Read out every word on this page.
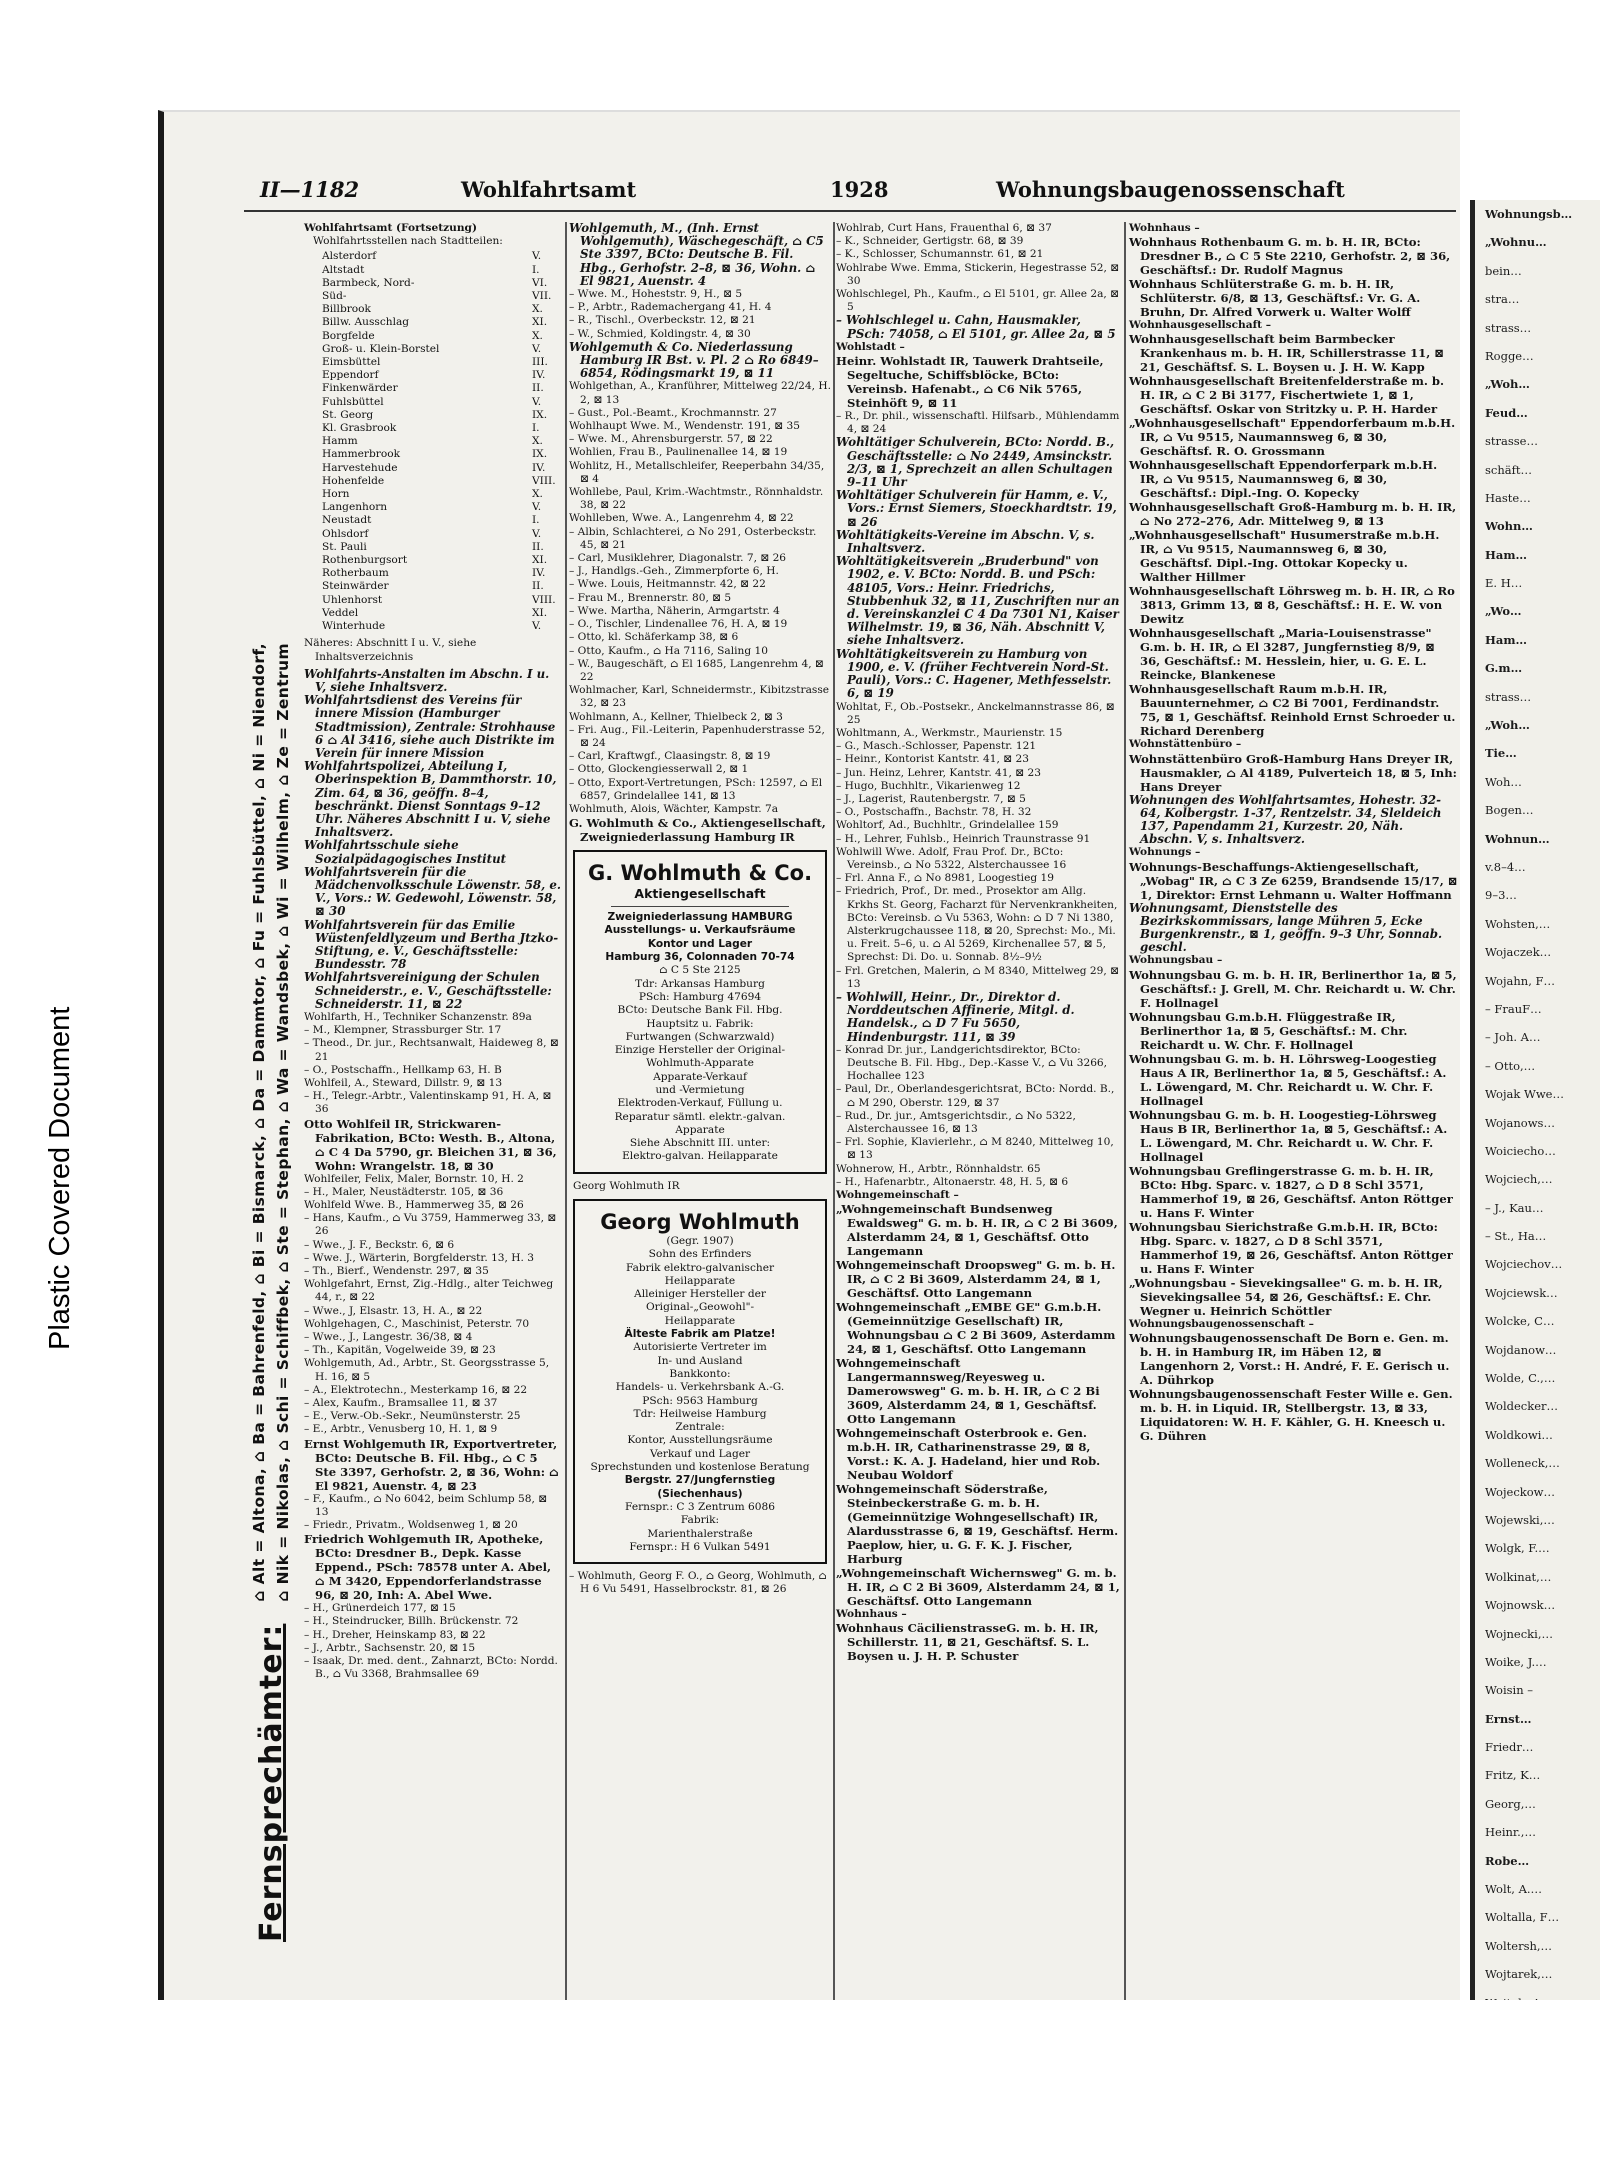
Plastic Covered Document
Wohnungsb…
„Wohnu…
bein…
stra…
strass…
Rogge…
„Woh…
Feud…
strasse…
schäft…
Haste…
Wohn…
Ham…
E. H…
„Wo…
Ham…
G.m…
strass…
„Woh…
Tie…
Woh…
Bogen…
Wohnun…
v.8–4…
9–3…
Wohsten,…
Wojaczek…
Wojahn, F…
– FrauF…
– Joh. A…
– Otto,…
Wojak Wwe…
Wojanows…
Woiciecho…
Wojciech,…
– J., Kau…
– St., Ha…
Wojciechov…
Wojciewsk…
Wolcke, C…
Wojdanow…
Wolde, C.,…
Woldecker…
Woldkowi…
Wolleneck,…
Wojeckow…
Wojewski,…
Wolgk, F.…
Wolkinat,…
Wojnowsk…
Wojnecki,…
Woike, J.…
Woisin –
Ernst…
Friedr…
Fritz, K…
Georg,…
Heinr.,…
Robe…
Wolt, A.…
Woltalla, F…
Woltersh,…
Wojtarek,…
II—1182	Wohlfahrtsamt	1928	Wohnungsbaugenossenschaft
Fernsprechämter:
⌂ Alt = Altona, ⌂ Ba = Bahrenfeld, ⌂ Bi = Bismarck, ⌂ Da = Dammtor, ⌂ Fu = Fuhlsbüttel, ⌂ Ni = Niendorf, ⌂ Nik = Nikolas, ⌂ Schi = Schiffbek, ⌂ Ste = Stephan, ⌂ Wa = Wandsbek, ⌂ Wi = Wilhelm, ⌂ Ze = Zentrum
Wohlfahrtsamt (Fortsetzung)
Wohlfahrtsstellen nach Stadtteilen:
Alsterdorf	V.
Altstadt	I.
Barmbeck, Nord-	VI.
Süd-	VII.
Billbrook	X.
Billw. Ausschlag	XI.
Borgfelde	X.
Groß- u. Klein-Borstel	V.
Eimsbüttel	III.
Eppendorf	IV.
Finkenwärder	II.
Fuhlsbüttel	V.
St. Georg	IX.
Kl. Grasbrook	I.
Hamm	X.
Hammerbrook	IX.
Harvestehude	IV.
Hohenfelde	VIII.
Horn	X.
Langenhorn	V.
Neustadt	I.
Ohlsdorf	V.
St. Pauli	II.
Rothenburgsort	XI.
Rotherbaum	IV.
Steinwärder	II.
Uhlenhorst	VIII.
Veddel	XI.
Winterhude	V.
Näheres: Abschnitt I u. V., siehe Inhaltsverzeichnis
Wohlfahrts-Anstalten im Abschn. I u. V, siehe Inhaltsverz.
Wohlfahrtsdienst des Vereins für innere Mission (Hamburger Stadtmission), Zentrale: Strohhause 6 ⌂ Al 3416, siehe auch Distrikte im Verein für innere Mission
Wohlfahrtspolizei, Abteilung I, Oberinspektion B, Dammthorstr. 10, Zim. 64, ⊠ 36, geöffn. 8–4, beschränkt. Dienst Sonntags 9–12 Uhr. Näheres Abschnitt I u. V, siehe Inhaltsverz.
Wohlfahrtsschule siehe Sozialpädagogisches Institut
Wohlfahrtsverein für die Mädchenvolksschule Löwenstr. 58, e. V., Vors.: W. Gedewohl, Löwenstr. 58, ⊠ 30
Wohlfahrtsverein für das Emilie Wüstenfeldlyzeum und Bertha Jtzko-Stiftung, e. V., Geschäftsstelle: Bundesstr. 78
Wohlfahrtsvereinigung der Schulen Schneiderstr., e. V., Geschäftsstelle: Schneiderstr. 11, ⊠ 22
Wohlfarth, H., Techniker Schanzenstr. 89a
– M., Klempner, Strassburger Str. 17
– Theod., Dr. jur., Rechtsanwalt, Haideweg 8, ⊠ 21
– O., Postschaffn., Hellkamp 63, H. B
Wohlfeil, A., Steward, Dillstr. 9, ⊠ 13
– H., Telegr.-Arbtr., Valentinskamp 91, H. A, ⊠ 36
Otto Wohlfeil IR, Strickwaren-Fabrikation, BCto: Westh. B., Altona, ⌂ C 4 Da 5790, gr. Bleichen 31, ⊠ 36, Wohn: Wrangelstr. 18, ⊠ 30
Wohlfeiler, Felix, Maler, Bornstr. 10, H. 2
– H., Maler, Neustädterstr. 105, ⊠ 36
Wohlfeld Wwe. B., Hammerweg 35, ⊠ 26
– Hans, Kaufm., ⌂ Vu 3759, Hammerweg 33, ⊠ 26
– Wwe., J. F., Beckstr. 6, ⊠ 6
– Wwe. J., Wärterin, Borgfelderstr. 13, H. 3
– Th., Bierf., Wendenstr. 297, ⊠ 35
Wohlgefahrt, Ernst, Zig.-Hdlg., alter Teichweg 44, r., ⊠ 22
– Wwe., J, Elsastr. 13, H. A., ⊠ 22
Wohlgehagen, C., Maschinist, Peterstr. 70
– Wwe., J., Langestr. 36/38, ⊠ 4
– Th., Kapitän, Vogelweide 39, ⊠ 23
Wohlgemuth, Ad., Arbtr., St. Georgsstrasse 5, H. 16, ⊠ 5
– A., Elektrotechn., Mesterkamp 16, ⊠ 22
– Alex, Kaufm., Bramsallee 11, ⊠ 37
– E., Verw.-Ob.-Sekr., Neumünsterstr. 25
– E., Arbtr., Venusberg 10, H. 1, ⊠ 9
Ernst Wohlgemuth IR, Exportvertreter, BCto: Deutsche B. Fil. Hbg., ⌂ C 5 Ste 3397, Gerhofstr. 2, ⊠ 36, Wohn: ⌂ El 9821, Auenstr. 4, ⊠ 23
– F., Kaufm., ⌂ No 6042, beim Schlump 58, ⊠ 13
– Friedr., Privatm., Woldsenweg 1, ⊠ 20
Friedrich Wohlgemuth IR, Apotheke, BCto: Dresdner B., Depk. Kasse Eppend., PSch: 78578 unter A. Abel, ⌂ M 3420, Eppendorferlandstrasse 96, ⊠ 20, Inh: A. Abel Wwe.
– H., Grünerdeich 177, ⊠ 15
– H., Steindrucker, Billh. Brückenstr. 72
– H., Dreher, Heinskamp 83, ⊠ 22
– J., Arbtr., Sachsenstr. 20, ⊠ 15
– Isaak, Dr. med. dent., Zahnarzt, BCto: Nordd. B., ⌂ Vu 3368, Brahmsallee 69
Wohlgemuth, M., (Inh. Ernst Wohlgemuth), Wäschegeschäft, ⌂ C5 Ste 3397, BCto: Deutsche B. Fil. Hbg., Gerhofstr. 2–8, ⊠ 36, Wohn. ⌂ El 9821, Auenstr. 4
– Wwe. M., Hoheststr. 9, H., ⊠ 5
– P., Arbtr., Rademachergang 41, H. 4
– R., Tischl., Overbeckstr. 12, ⊠ 21
– W., Schmied, Koldingstr. 4, ⊠ 30
Wohlgemuth & Co. Niederlassung Hamburg IR Bst. v. Pl. 2 ⌂ Ro 6849–6854, Rödingsmarkt 19, ⊠ 11
Wohlgethan, A., Kranführer, Mittelweg 22/24, H. 2, ⊠ 13
– Gust., Pol.-Beamt., Krochmannstr. 27
Wohlhaupt Wwe. M., Wendenstr. 191, ⊠ 35
– Wwe. M., Ahrensburgerstr. 57, ⊠ 22
Wohlien, Frau B., Paulinenallee 14, ⊠ 19
Wohlitz, H., Metallschleifer, Reeperbahn 34/35, ⊠ 4
Wohllebe, Paul, Krim.-Wachtmstr., Rönnhaldstr. 38, ⊠ 22
Wohlleben, Wwe. A., Langenrehm 4, ⊠ 22
– Albin, Schlachterei, ⌂ No 291, Osterbeckstr. 45, ⊠ 21
– Carl, Musiklehrer, Diagonalstr. 7, ⊠ 26
– J., Handlgs.-Geh., Zimmerpforte 6, H.
– Wwe. Louis, Heitmannstr. 42, ⊠ 22
– Frau M., Brennerstr. 80, ⊠ 5
– Wwe. Martha, Näherin, Armgartstr. 4
– O., Tischler, Lindenallee 76, H. A, ⊠ 19
– Otto, kl. Schäferkamp 38, ⊠ 6
– Otto, Kaufm., ⌂ Ha 7116, Saling 10
– W., Baugeschäft, ⌂ El 1685, Langenrehm 4, ⊠ 22
Wohlmacher, Karl, Schneidermstr., Kibitzstrasse 32, ⊠ 23
Wohlmann, A., Kellner, Thielbeck 2, ⊠ 3
– Fri. Aug., Fil.-Leiterin, Papenhuderstrasse 52, ⊠ 24
– Carl, Kraftwgf., Claasingstr. 8, ⊠ 19
– Otto, Glockengiesserwall 2, ⊠ 1
– Otto, Export-Vertretungen, PSch: 12597, ⌂ El 6857, Grindelallee 141, ⊠ 13
Wohlmuth, Alois, Wächter, Kampstr. 7a
G. Wohlmuth & Co., Aktiengesellschaft, Zweigniederlassung Hamburg IR
G. Wohlmuth & Co.
Aktiengesellschaft
Zweigniederlassung HAMBURG
Ausstellungs- u. Verkaufsräume
Kontor und Lager
Hamburg 36, Colonnaden 70-74
⌂ C 5 Ste 2125
Tdr: Arkansas Hamburg
PSch: Hamburg 47694
BCto: Deutsche Bank Fil. Hbg.
Hauptsitz u. Fabrik:
Furtwangen (Schwarzwald)
Einzige Hersteller der Original-
Wohlmuth-Apparate
Apparate-Verkauf
und -Vermietung
Elektroden-Verkauf, Füllung u.
Reparatur sämtl. elektr.-galvan.
Apparate
Siehe Abschnitt III. unter:
Elektro-galvan. Heilapparate
Georg Wohlmuth IR
Georg Wohlmuth
(Gegr. 1907)
Sohn des Erfinders
Fabrik elektro-galvanischer
Heilapparate
Alleiniger Hersteller der
Original-„Geowohl"-
Heilapparate
Älteste Fabrik am Platze!
Autorisierte Vertreter im
In- und Ausland
Bankkonto:
Handels- u. Verkehrsbank A.-G.
PSch: 9563 Hamburg
Tdr: Heilweise Hamburg
Zentrale:
Kontor, Ausstellungsräume
Verkauf und Lager
Sprechstunden und kostenlose Beratung
Bergstr. 27/Jungfernstieg
(Siechenhaus)
Fernspr.: C 3 Zentrum 6086
Fabrik:
Marienthalerstraße
Fernspr.: H 6 Vulkan 5491
– Wohlmuth, Georg F. O., ⌂ Georg, Wohlmuth, ⌂ H 6 Vu 5491, Hasselbrockstr. 81, ⊠ 26
Wohlrab, Curt Hans, Frauenthal 6, ⊠ 37
– K., Schneider, Gertigstr. 68, ⊠ 39
– K., Schlosser, Schumannstr. 61, ⊠ 21
Wohlrabe Wwe. Emma, Stickerin, Hegestrasse 52, ⊠ 30
Wohlschlegel, Ph., Kaufm., ⌂ El 5101, gr. Allee 2a, ⊠ 5
– Wohlschlegel u. Cahn, Hausmakler, PSch: 74058, ⌂ El 5101, gr. Allee 2a, ⊠ 5
Wohlstadt –
Heinr. Wohlstadt IR, Tauwerk Drahtseile, Segeltuche, Schiffsblöcke, BCto: Vereinsb. Hafenabt., ⌂ C6 Nik 5765, Steinhöft 9, ⊠ 11
– R., Dr. phil., wissenschaftl. Hilfsarb., Mühlendamm 4, ⊠ 24
Wohltätiger Schulverein, BCto: Nordd. B., Geschäftsstelle: ⌂ No 2449, Amsinckstr. 2/3, ⊠ 1, Sprechzeit an allen Schultagen 9–11 Uhr
Wohltätiger Schulverein für Hamm, e. V., Vors.: Ernst Siemers, Stoeckhardtstr. 19, ⊠ 26
Wohltätigkeits-Vereine im Abschn. V, s. Inhaltsverz.
Wohltätigkeitsverein „Bruderbund" von 1902, e. V. BCto: Nordd. B. und PSch: 48105, Vors.: Heinr. Friedrichs, Stubbenhuk 32, ⊠ 11, Zuschriften nur an d. Vereinskanzlei C 4 Da 7301 N1, Kaiser Wilhelmstr. 19, ⊠ 36, Näh. Abschnitt V, siehe Inhaltsverz.
Wohltätigkeitsverein zu Hamburg von 1900, e. V. (früher Fechtverein Nord-St. Pauli), Vors.: C. Hagener, Methfesselstr. 6, ⊠ 19
Wohltat, F., Ob.-Postsekr., Anckelmannstrasse 86, ⊠ 25
Wohltmann, A., Werkmstr., Maurienstr. 15
– G., Masch.-Schlosser, Papenstr. 121
– Heinr., Kontorist Kantstr. 41, ⊠ 23
– Jun. Heinz, Lehrer, Kantstr. 41, ⊠ 23
– Hugo, Buchhltr., Vikarienweg 12
– J., Lagerist, Rautenbergstr. 7, ⊠ 5
– O., Postschaffn., Bachstr. 78, H. 32
Wohltorf, Ad., Buchhltr., Grindelallee 159
– H., Lehrer, Fuhlsb., Heinrich Traunstrasse 91
Wohlwill Wwe. Adolf, Frau Prof. Dr., BCto: Vereinsb., ⌂ No 5322, Alsterchaussee 16
– Frl. Anna F., ⌂ No 8981, Loogestieg 19
– Friedrich, Prof., Dr. med., Prosektor am Allg. Krkhs St. Georg, Facharzt für Nervenkrankheiten, BCto: Vereinsb. ⌂ Vu 5363, Wohn: ⌂ D 7 Ni 1380, Alsterkrugchaussee 118, ⊠ 20, Sprechst: Mo., Mi. u. Freit. 5–6, u. ⌂ Al 5269, Kirchenallee 57, ⊠ 5, Sprechst: Di. Do. u. Sonnab. 8½–9½
– Frl. Gretchen, Malerin, ⌂ M 8340, Mittelweg 29, ⊠ 13
– Wohlwill, Heinr., Dr., Direktor d. Norddeutschen Affinerie, Mitgl. d. Handelsk., ⌂ D 7 Fu 5650, Hindenburgstr. 111, ⊠ 39
– Konrad Dr. jur., Landgerichtsdirektor, BCto: Deutsche B. Fil. Hbg., Dep.-Kasse V., ⌂ Vu 3266, Hochallee 123
– Paul, Dr., Oberlandesgerichtsrat, BCto: Nordd. B., ⌂ M 290, Oberstr. 129, ⊠ 37
– Rud., Dr. jur., Amtsgerichtsdir., ⌂ No 5322, Alsterchaussee 16, ⊠ 13
– Frl. Sophie, Klavierlehr., ⌂ M 8240, Mittelweg 10, ⊠ 13
Wohnerow, H., Arbtr., Rönnhaldstr. 65
– H., Hafenarbtr., Altonaerstr. 48, H. 5, ⊠ 6
Wohngemeinschaft –
„Wohngemeinschaft Bundsenweg Ewaldsweg" G. m. b. H. IR, ⌂ C 2 Bi 3609, Alsterdamm 24, ⊠ 1, Geschäftsf. Otto Langemann
Wohngemeinschaft Droopsweg" G. m. b. H. IR, ⌂ C 2 Bi 3609, Alsterdamm 24, ⊠ 1, Geschäftsf. Otto Langemann
Wohngemeinschaft „EMBE GE" G.m.b.H. (Gemeinnützige Gesellschaft) IR, Wohnungsbau ⌂ C 2 Bi 3609, Asterdamm 24, ⊠ 1, Geschäftsf. Otto Langemann
Wohngemeinschaft Langermannsweg/Reyesweg u. Damerowsweg" G. m. b. H. IR, ⌂ C 2 Bi 3609, Alsterdamm 24, ⊠ 1, Geschäftsf. Otto Langemann
Wohngemeinschaft Osterbrook e. Gen. m.b.H. IR, Catharinenstrasse 29, ⊠ 8, Vorst.: K. A. J. Hadeland, hier und Rob. Neubau Woldorf
Wohngemeinschaft Söderstraße, Steinbeckerstraße G. m. b. H. (Gemeinnützige Wohngesellschaft) IR, Alardusstrasse 6, ⊠ 19, Geschäftsf. Herm. Paeplow, hier, u. G. F. K. J. Fischer, Harburg
„Wohngemeinschaft Wichernsweg" G. m. b. H. IR, ⌂ C 2 Bi 3609, Alsterdamm 24, ⊠ 1, Geschäftsf. Otto Langemann
Wohnhaus –
Wohnhaus CäcilienstrasseG. m. b. H. IR, Schillerstr. 11, ⊠ 21, Geschäftsf. S. L. Boysen u. J. H. P. Schuster
Wohnhaus –
Wohnhaus Rothenbaum G. m. b. H. IR, BCto: Dresdner B., ⌂ C 5 Ste 2210, Gerhofstr. 2, ⊠ 36, Geschäftsf.: Dr. Rudolf Magnus
Wohnhaus Schlüterstraße G. m. b. H. IR, Schlüterstr. 6/8, ⊠ 13, Geschäftsf.: Vr. G. A. Bruhn, Dr. Alfred Vorwerk u. Walter Wolff
Wohnhausgesellschaft –
Wohnhausgesellschaft beim Barmbecker Krankenhaus m. b. H. IR, Schillerstrasse 11, ⊠ 21, Geschäftsf. S. L. Boysen u. J. H. W. Kapp
Wohnhausgesellschaft Breitenfelderstraße m. b. H. IR, ⌂ C 2 Bi 3177, Fischertwiete 1, ⊠ 1, Geschäftsf. Oskar von Stritzky u. P. H. Harder
„Wohnhausgesellschaft" Eppendorferbaum m.b.H. IR, ⌂ Vu 9515, Naumannsweg 6, ⊠ 30, Geschäftsf. R. O. Grossmann
Wohnhausgesellschaft Eppendorferpark m.b.H. IR, ⌂ Vu 9515, Naumannsweg 6, ⊠ 30, Geschäftsf.: Dipl.-Ing. O. Kopecky
Wohnhausgesellschaft Groß-Hamburg m. b. H. IR, ⌂ No 272–276, Adr. Mittelweg 9, ⊠ 13
„Wohnhausgesellschaft" Husumerstraße m.b.H. IR, ⌂ Vu 9515, Naumannsweg 6, ⊠ 30, Geschäftsf. Dipl.-Ing. Ottokar Kopecky u. Walther Hillmer
Wohnhausgesellschaft Löhrsweg m. b. H. IR, ⌂ Ro 3813, Grimm 13, ⊠ 8, Geschäftsf.: H. E. W. von Dewitz
Wohnhausgesellschaft „Maria-Louisenstrasse" G.m. b. H. IR, ⌂ El 3287, Jungfernstieg 8/9, ⊠ 36, Geschäftsf.: M. Hesslein, hier, u. G. E. L. Reincke, Blankenese
Wohnhausgesellschaft Raum m.b.H. IR, Bauunternehmer, ⌂ C2 Bi 7001, Ferdinandstr. 75, ⊠ 1, Geschäftsf. Reinhold Ernst Schroeder u. Richard Derenberg
Wohnstättenbüro –
Wohnstättenbüro Groß-Hamburg Hans Dreyer IR, Hausmakler, ⌂ Al 4189, Pulverteich 18, ⊠ 5, Inh: Hans Dreyer
Wohnungen des Wohlfahrtsamtes, Hohestr. 32-64, Kolbergstr. 1-37, Rentzelstr. 34, Sleldeich 137, Papendamm 21, Kurzestr. 20, Näh. Abschn. V, s. Inhaltsverz.
Wohnungs –
Wohnungs-Beschaffungs-Aktiengesellschaft, „Wobag" IR, ⌂ C 3 Ze 6259, Brandsende 15/17, ⊠ 1, Direktor: Ernst Lehmann u. Walter Hoffmann
Wohnungsamt, Dienststelle des Bezirkskommissars, lange Mühren 5, Ecke Burgenkrenstr., ⊠ 1, geöffn. 9–3 Uhr, Sonnab. geschl.
Wohnungsbau –
Wohnungsbau G. m. b. H. IR, Berlinerthor 1a, ⊠ 5, Geschäftsf.: J. Grell, M. Chr. Reichardt u. W. Chr. F. Hollnagel
Wohnungsbau G.m.b.H. Flüggestraße IR, Berlinerthor 1a, ⊠ 5, Geschäftsf.: M. Chr. Reichardt u. W. Chr. F. Hollnagel
Wohnungsbau G. m. b. H. Löhrsweg-Loogestieg Haus A IR, Berlinerthor 1a, ⊠ 5, Geschäftsf.: A. L. Löwengard, M. Chr. Reichardt u. W. Chr. F. Hollnagel
Wohnungsbau G. m. b. H. Loogestieg-Löhrsweg Haus B IR, Berlinerthor 1a, ⊠ 5, Geschäftsf.: A. L. Löwengard, M. Chr. Reichardt u. W. Chr. F. Hollnagel
Wohnungsbau Greflingerstrasse G. m. b. H. IR, BCto: Hbg. Sparc. v. 1827, ⌂ D 8 Schl 3571, Hammerhof 19, ⊠ 26, Geschäftsf. Anton Röttger u. Hans F. Winter
Wohnungsbau Sierichstraße G.m.b.H. IR, BCto: Hbg. Sparc. v. 1827, ⌂ D 8 Schl 3571, Hammerhof 19, ⊠ 26, Geschäftsf. Anton Röttger u. Hans F. Winter
„Wohnungsbau - Sievekingsallee" G. m. b. H. IR, Sievekingsallee 54, ⊠ 26, Geschäftsf.: E. Chr. Wegner u. Heinrich Schöttler
Wohnungsbaugenossenschaft –
Wohnungsbaugenossenschaft De Born e. Gen. m. b. H. in Hamburg IR, im Häben 12, ⊠ Langenhorn 2, Vorst.: H. André, F. E. Gerisch u. A. Dührkop
Wohnungsbaugenossenschaft Fester Wille e. Gen. m. b. H. in Liquid. IR, Stellbergstr. 13, ⊠ 33, Liquidatoren: W. H. F. Kähler, G. H. Kneesch u. G. Dühren
